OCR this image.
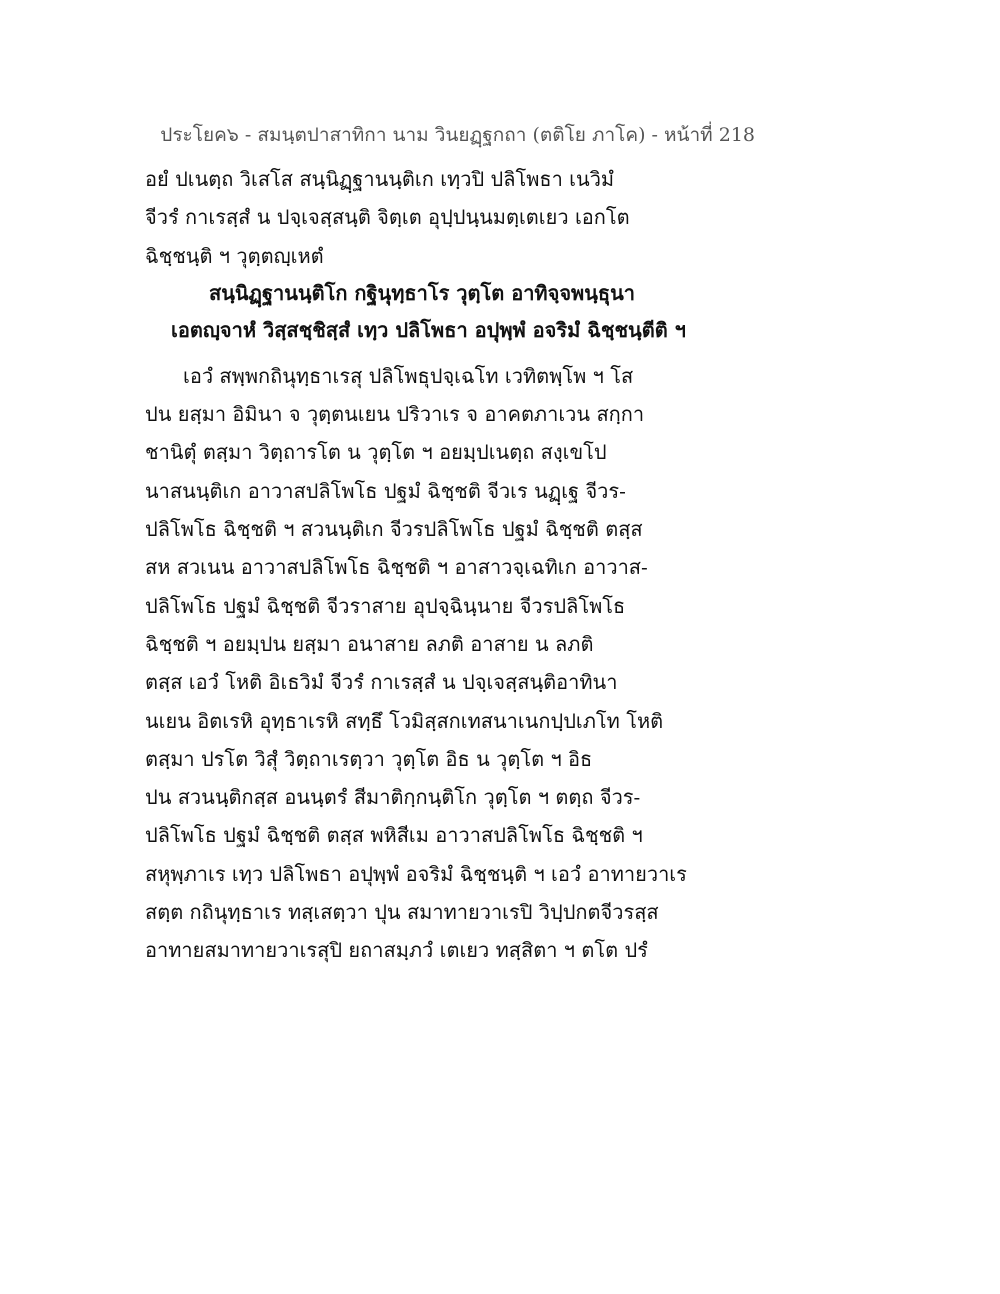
ประโยค๖ - สมนฺตปาสาทิกา นาม วินยฏฺฐกถา (ตติโย ภาโค) - หน้าที่ 218
อยํ ปเนตฺถ วิเสโส สนฺนิฏฺฐานนฺติเก เทฺวปิ ปลิโพธา เนวิมํ
จีวรํ กาเรสฺสํ น ปจฺเจสฺสนฺติ จิตฺเต อุปฺปนฺนมตฺเตเยว เอกโต
ฉิชฺชนฺติ ฯ วุตฺตญฺเหตํ
สนฺนิฏฺฐานนฺติโก กฐินุทฺธาโร วุตฺโต อาทิจฺจพนฺธุนา
เอตญฺจาหํ วิสฺสชฺชิสฺสํ เทฺว ปลิโพธา อปุพฺพํ อจริมํ ฉิชฺชนฺตีติ ฯ
เอวํ สพฺพกถินุทฺธาเรสุ ปลิโพธุปจฺเฉโท เวทิตพฺโพ ฯ โส
ปน ยสฺมา อิมินา จ วุตฺตนเยน ปริวาเร จ อาคตภาเวน สกฺกา
ชานิตุํ ตสฺมา วิตฺถารโต น วุตฺโต ฯ อยมฺปเนตฺถ สงฺเขโป
นาสนนฺติเก อาวาสปลิโพโธ ปฐมํ ฉิชฺชติ จีวเร นฏฺเฐ จีวร-
ปลิโพโธ ฉิชฺชติ ฯ สวนนฺติเก จีวรปลิโพโธ ปฐมํ ฉิชฺชติ ตสฺส
สห สวเนน อาวาสปลิโพโธ ฉิชฺชติ ฯ อาสาวจฺเฉทิเก อาวาส-
ปลิโพโธ ปฐมํ ฉิชฺชติ จีวราสาย อุปจฺฉินฺนาย จีวรปลิโพโธ
ฉิชฺชติ ฯ อยมฺปน ยสฺมา อนาสาย ลภติ อาสาย น ลภติ
ตสฺส เอวํ โหติ อิเธวิมํ จีวรํ กาเรสฺสํ น ปจฺเจสฺสนฺติอาทินา
นเยน อิตเรหิ อุทฺธาเรหิ สทฺธึ โวมิสฺสกเทสนาเนกปฺปเภโท โหติ
ตสฺมา ปรโต วิสุํ วิตฺถาเรตฺวา วุตฺโต อิธ น วุตฺโต ฯ อิธ
ปน สวนนฺติกสฺส อนนฺตรํ สีมาติกฺกนฺติโก วุตฺโต ฯ ตตฺถ จีวร-
ปลิโพโธ ปฐมํ ฉิชฺชติ ตสฺส พหิสีเม อาวาสปลิโพโธ ฉิชฺชติ ฯ
สหุพฺภาเร เทฺว ปลิโพธา อปุพฺพํ อจริมํ ฉิชฺชนฺติ ฯ เอวํ อาทายวาเร
สตฺต กถินุทฺธาเร ทสฺเสตฺวา ปุน สมาทายวาเรปิ วิปฺปกตจีวรสฺส
อาทายสมาทายวาเรสุปิ ยถาสมฺภวํ เตเยว ทสฺสิตา ฯ ตโต ปรํ
